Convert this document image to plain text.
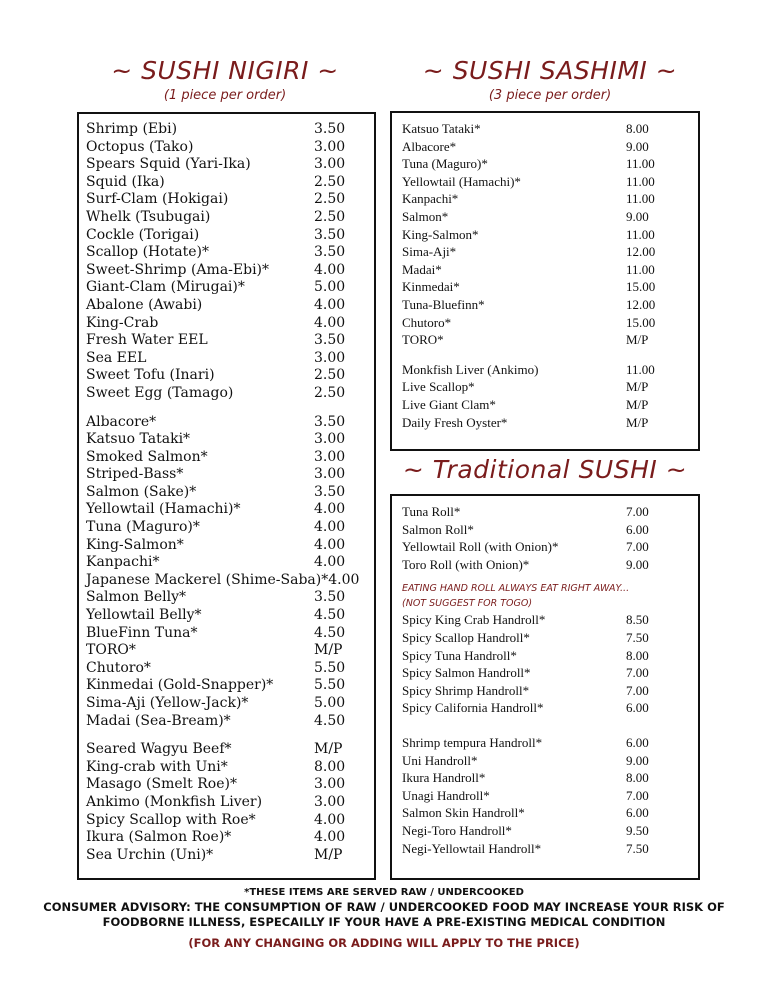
~ SUSHI NIGIRI ~
(1 piece per order)
~ SUSHI SASHIMI ~
(3 piece per order)
~ Traditional SUSHI ~
Shrimp (Ebi)	3.50
Octopus (Tako)	3.00
Spears Squid (Yari-Ika)	3.00
Squid (Ika)	2.50
Surf-Clam (Hokigai)	2.50
Whelk (Tsubugai)	2.50
Cockle (Torigai)	3.50
Scallop (Hotate)*	3.50
Sweet-Shrimp (Ama-Ebi)*	4.00
Giant-Clam (Mirugai)*	5.00
Abalone (Awabi)	4.00
King-Crab	4.00
Fresh Water EEL	3.50
Sea EEL	3.00
Sweet Tofu (Inari)	2.50
Sweet Egg (Tamago)	2.50
Albacore*	3.50
Katsuo Tataki*	3.00
Smoked Salmon*	3.00
Striped-Bass*	3.00
Salmon (Sake)*	3.50
Yellowtail (Hamachi)*	4.00
Tuna (Maguro)*	4.00
King-Salmon*	4.00
Kanpachi*	4.00
Japanese Mackerel (Shime-Saba)* 4.00
Salmon Belly*	3.50
Yellowtail Belly*	4.50
BlueFinn Tuna*	4.50
TORO*	M/P
Chutoro*	5.50
Kinmedai (Gold-Snapper)*	5.50
Sima-Aji (Yellow-Jack)*	5.00
Madai (Sea-Bream)*	4.50
Seared Wagyu Beef*	M/P
King-crab with Uni*	8.00
Masago (Smelt Roe)*	3.00
Ankimo (Monkfish Liver)	3.00
Spicy Scallop with Roe*	4.00
Ikura (Salmon Roe)*	4.00
Sea Urchin (Uni)*	M/P
Katsuo Tataki*	8.00
Albacore*	9.00
Tuna (Maguro)*	11.00
Yellowtail (Hamachi)*	11.00
Kanpachi*	11.00
Salmon*	9.00
King-Salmon*	11.00
Sima-Aji*	12.00
Madai*	11.00
Kinmedai*	15.00
Tuna-Bluefinn*	12.00
Chutoro*	15.00
TORO*	M/P
Monkfish Liver (Ankimo)	11.00
Live Scallop*	M/P
Live Giant Clam*	M/P
Daily Fresh Oyster*	M/P
Tuna Roll*	7.00
Salmon Roll*	6.00
Yellowtail Roll (with Onion)*	7.00
Toro Roll (with Onion)*	9.00
EATING HAND ROLL ALWAYS EAT RIGHT AWAY...
(NOT SUGGEST FOR TOGO)
Spicy King Crab Handroll*	8.50
Spicy Scallop Handroll*	7.50
Spicy Tuna Handroll*	8.00
Spicy Salmon Handroll*	7.00
Spicy Shrimp Handroll*	7.00
Spicy California Handroll*	6.00
Shrimp tempura Handroll*	6.00
Uni Handroll*	9.00
Ikura Handroll*	8.00
Unagi Handroll*	7.00
Salmon Skin Handroll*	6.00
Negi-Toro Handroll*	9.50
Negi-Yellowtail Handroll*	7.50
*THESE ITEMS ARE SERVED RAW / UNDERCOOKED
CONSUMER ADVISORY: THE CONSUMPTION OF RAW / UNDERCOOKED FOOD MAY INCREASE YOUR RISK OF
FOODBORNE ILLNESS, ESPECAILLY IF YOUR HAVE A PRE-EXISTING MEDICAL CONDITION
(FOR ANY CHANGING OR ADDING WILL APPLY TO THE PRICE)
